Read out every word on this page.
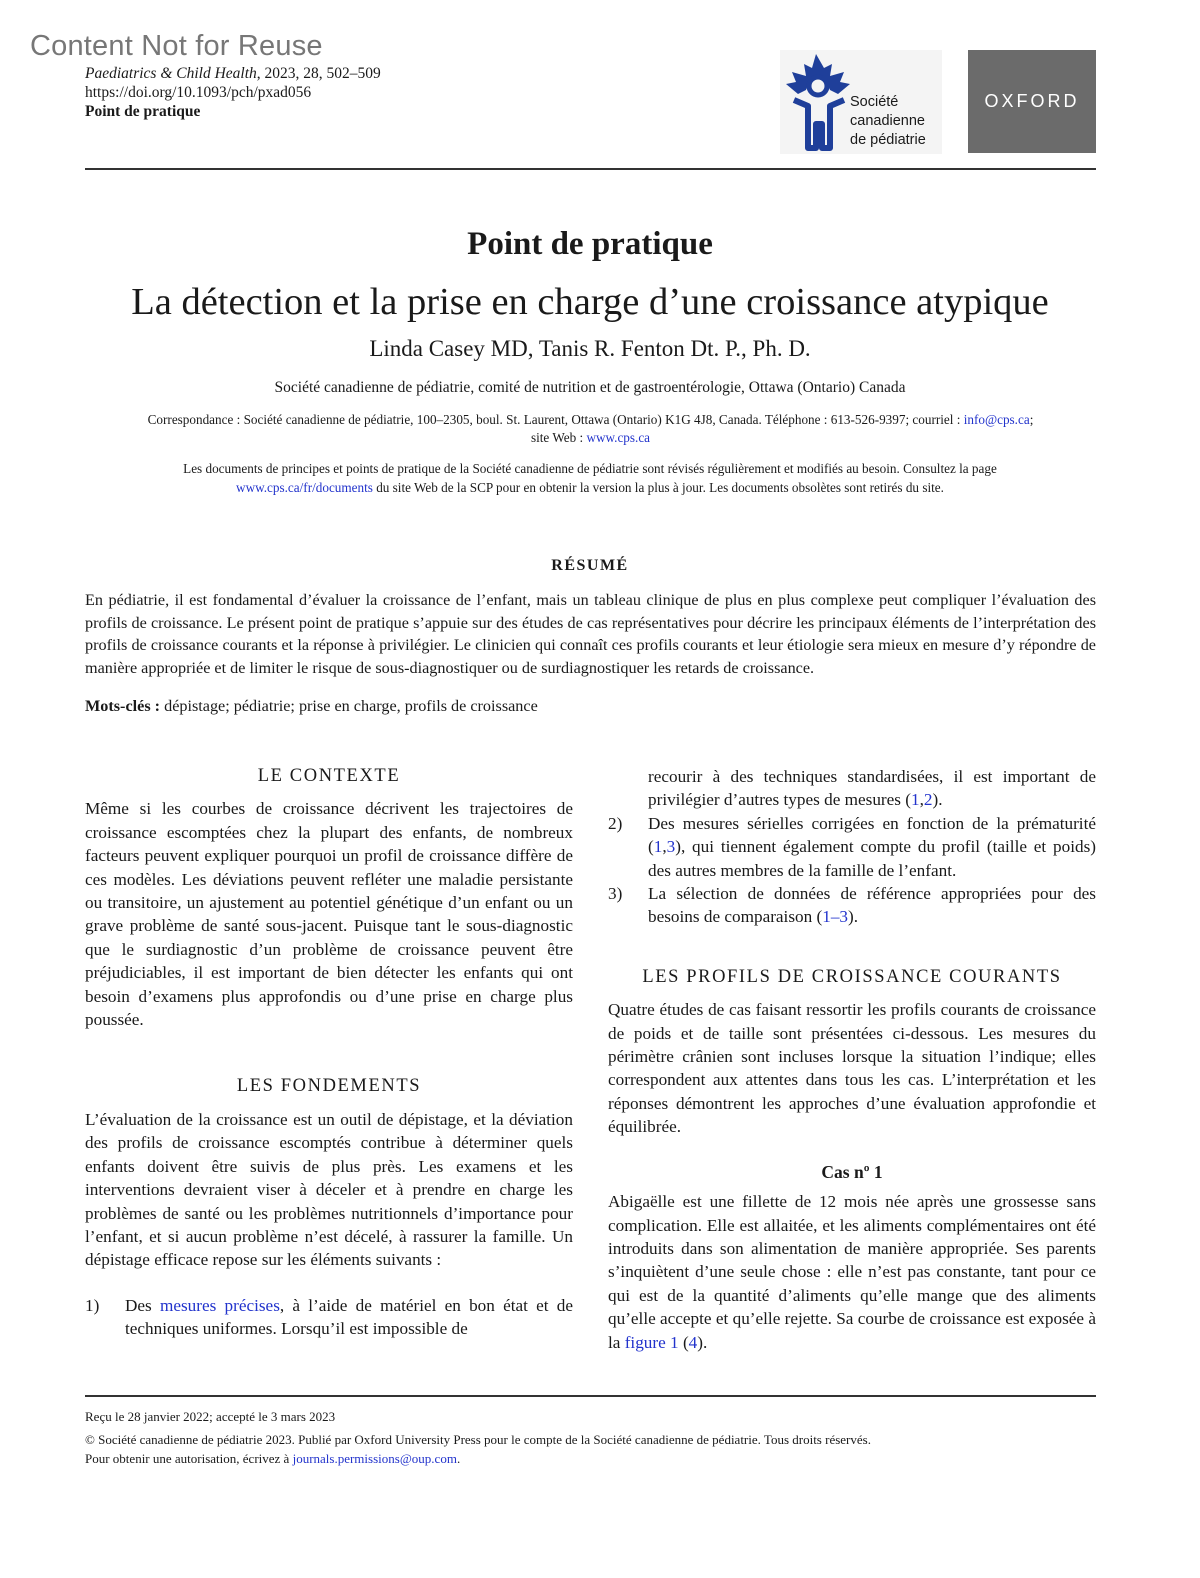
Content Not for Reuse
Paediatrics & Child Health, 2023, 28, 502–509
https://doi.org/10.1093/pch/pxad056
Point de pratique
Société
canadienne
de pédiatrie
OXFORD
Point de pratique
La détection et la prise en charge d’une croissance atypique
Linda Casey MD, Tanis R. Fenton Dt. P., Ph. D.
Société canadienne de pédiatrie, comité de nutrition et de gastroentérologie, Ottawa (Ontario) Canada
Correspondance : Société canadienne de pédiatrie, 100–2305, boul. St. Laurent, Ottawa (Ontario) K1G 4J8, Canada. Téléphone : 613-526-9397; courriel : info@cps.ca;
site Web : www.cps.ca
Les documents de principes et points de pratique de la Société canadienne de pédiatrie sont révisés régulièrement et modifiés au besoin. Consultez la page www.cps.ca/fr/documents du site Web de la SCP pour en obtenir la version la plus à jour. Les documents obsolètes sont retirés du site.
RÉSUMÉ
En pédiatrie, il est fondamental d’évaluer la croissance de l’enfant, mais un tableau clinique de plus en plus complexe peut compliquer l’évaluation des profils de croissance. Le présent point de pratique s’appuie sur des études de cas représentatives pour décrire les principaux éléments de l’interprétation des profils de croissance courants et la réponse à privilégier. Le clinicien qui connaît ces profils courants et leur étiologie sera mieux en mesure d’y répondre de manière appropriée et de limiter le risque de sous-diagnostiquer ou de surdiagnostiquer les retards de croissance.
Mots-clés : dépistage; pédiatrie; prise en charge, profils de croissance
LE CONTEXTE

Même si les courbes de croissance décrivent les trajectoires de croissance escomptées chez la plupart des enfants, de nombreux facteurs peuvent expliquer pourquoi un profil de croissance diffère de ces modèles. Les déviations peuvent refléter une maladie persistante ou transitoire, un ajustement au potentiel génétique d’un enfant ou un grave problème de santé sous-jacent. Puisque tant le sous-diagnostic que le surdiagnostic d’un problème de croissance peuvent être préjudiciables, il est important de bien détecter les enfants qui ont besoin d’examens plus approfondis ou d’une prise en charge plus poussée.

LES FONDEMENTS

L’évaluation de la croissance est un outil de dépistage, et la déviation des profils de croissance escomptés contribue à déterminer quels enfants doivent être suivis de plus près. Les examens et les interventions devraient viser à déceler et à prendre en charge les problèmes de santé ou les problèmes nutritionnels d’importance pour l’enfant, et si aucun problème n’est décelé, à rassurer la famille. Un dépistage efficace repose sur les éléments suivants :

1) Des mesures précises, à l’aide de matériel en bon état et de techniques uniformes. Lorsqu’il est impossible de

recourir à des techniques standardisées, il est important de privilégier d’autres types de mesures (1,2).

2) Des mesures sérielles corrigées en fonction de la prématurité (1,3), qui tiennent également compte du profil (taille et poids) des autres membres de la famille de l’enfant.

3) La sélection de données de référence appropriées pour des besoins de comparaison (1–3).

LES PROFILS DE CROISSANCE COURANTS

Quatre études de cas faisant ressortir les profils courants de croissance de poids et de taille sont présentées ci-dessous. Les mesures du périmètre crânien sont incluses lorsque la situation l’indique; elles correspondent aux attentes dans tous les cas. L’interprétation et les réponses démontrent les approches d’une évaluation approfondie et équilibrée.

Cas nº 1

Abigaëlle est une fillette de 12 mois née après une grossesse sans complication. Elle est allaitée, et les aliments complémentaires ont été introduits dans son alimentation de manière appropriée. Ses parents s’inquiètent d’une seule chose : elle n’est pas constante, tant pour ce qui est de la quantité d’aliments qu’elle mange que des aliments qu’elle accepte et qu’elle rejette. Sa courbe de croissance est exposée à la figure 1 (4).

Reçu le 28 janvier 2022; accepté le 3 mars 2023
© Société canadienne de pédiatrie 2023. Publié par Oxford University Press pour le compte de la Société canadienne de pédiatrie. Tous droits réservés.
Pour obtenir une autorisation, écrivez à journals.permissions@oup.com.
